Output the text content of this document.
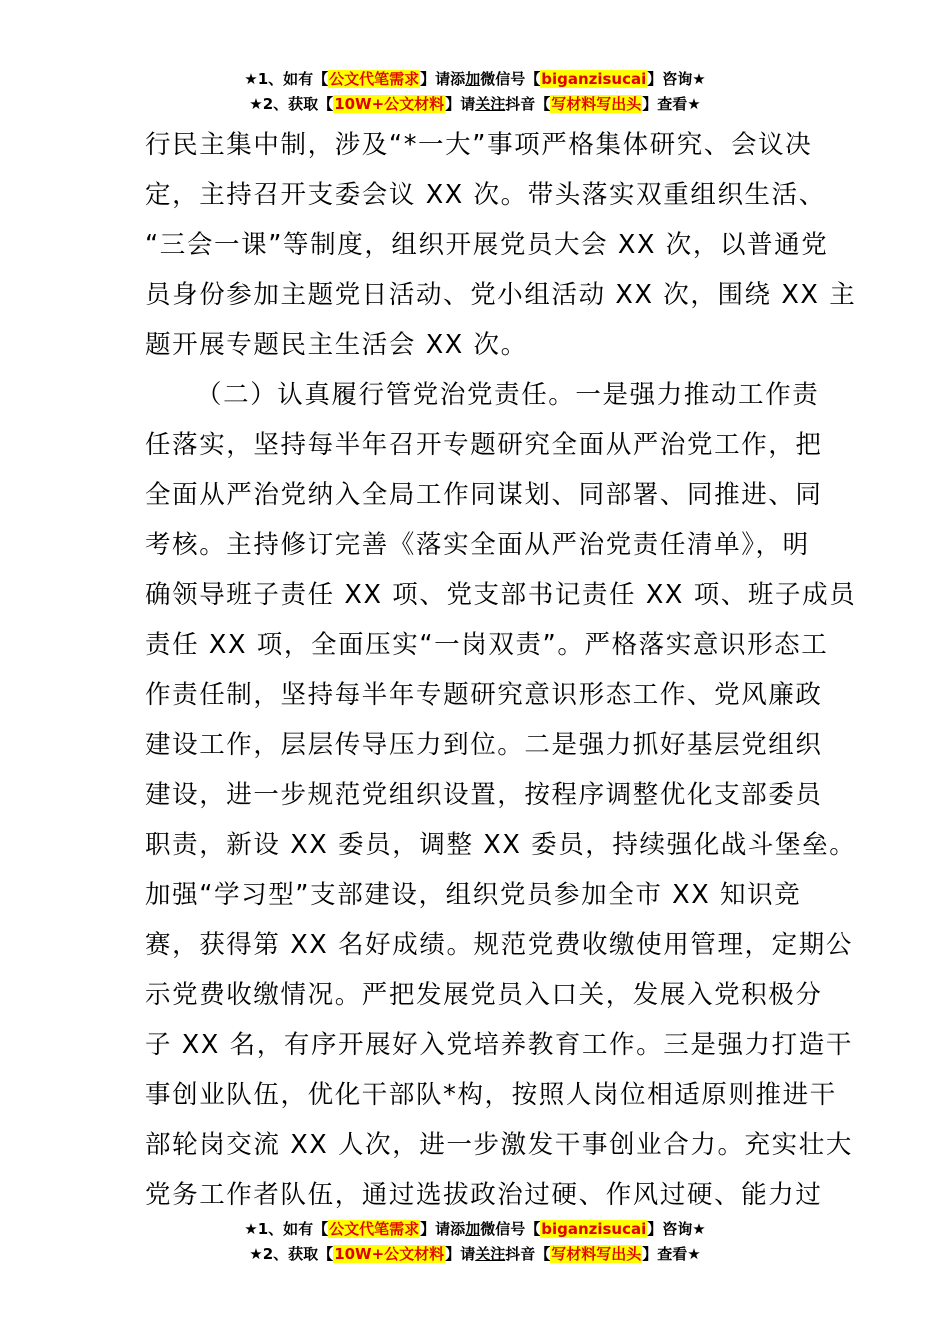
★1、如有【公文代笔需求】请添加微信号【biganzisucai】咨询★
★2、获取【10W+公文材料】请关注抖音【写材料写出头】查看★

行民主集中制，涉及“*一大”事项严格集体研究、会议决
定，主持召开支委会议 XX 次。带头落实双重组织生活、
“三会一课”等制度，组织开展党员大会 XX 次，以普通党
员身份参加主题党日活动、党小组活动 XX 次，围绕 XX 主
题开展专题民主生活会 XX 次。

（二）认真履行管党治党责任。一是强力推动工作责
任落实，坚持每半年召开专题研究全面从严治党工作，把
全面从严治党纳入全局工作同谋划、同部署、同推进、同
考核。主持修订完善《落实全面从严治党责任清单》，明
确领导班子责任 XX 项、党支部书记责任 XX 项、班子成员
责任 XX 项，全面压实“一岗双责”。严格落实意识形态工
作责任制，坚持每半年专题研究意识形态工作、党风廉政
建设工作，层层传导压力到位。二是强力抓好基层党组织
建设，进一步规范党组织设置，按程序调整优化支部委员
职责，新设 XX 委员，调整 XX 委员，持续强化战斗堡垒。
加强“学习型”支部建设，组织党员参加全市 XX 知识竞
赛，获得第 XX 名好成绩。规范党费收缴使用管理，定期公
示党费收缴情况。严把发展党员入口关，发展入党积极分
子 XX 名，有序开展好入党培养教育工作。三是强力打造干
事创业队伍，优化干部队*构，按照人岗位相适原则推进干
部轮岗交流 XX 人次，进一步激发干事创业合力。充实壮大
党务工作者队伍，通过选拔政治过硬、作风过硬、能力过

★1、如有【公文代笔需求】请添加微信号【biganzisucai】咨询★
★2、获取【10W+公文材料】请关注抖音【写材料写出头】查看★
